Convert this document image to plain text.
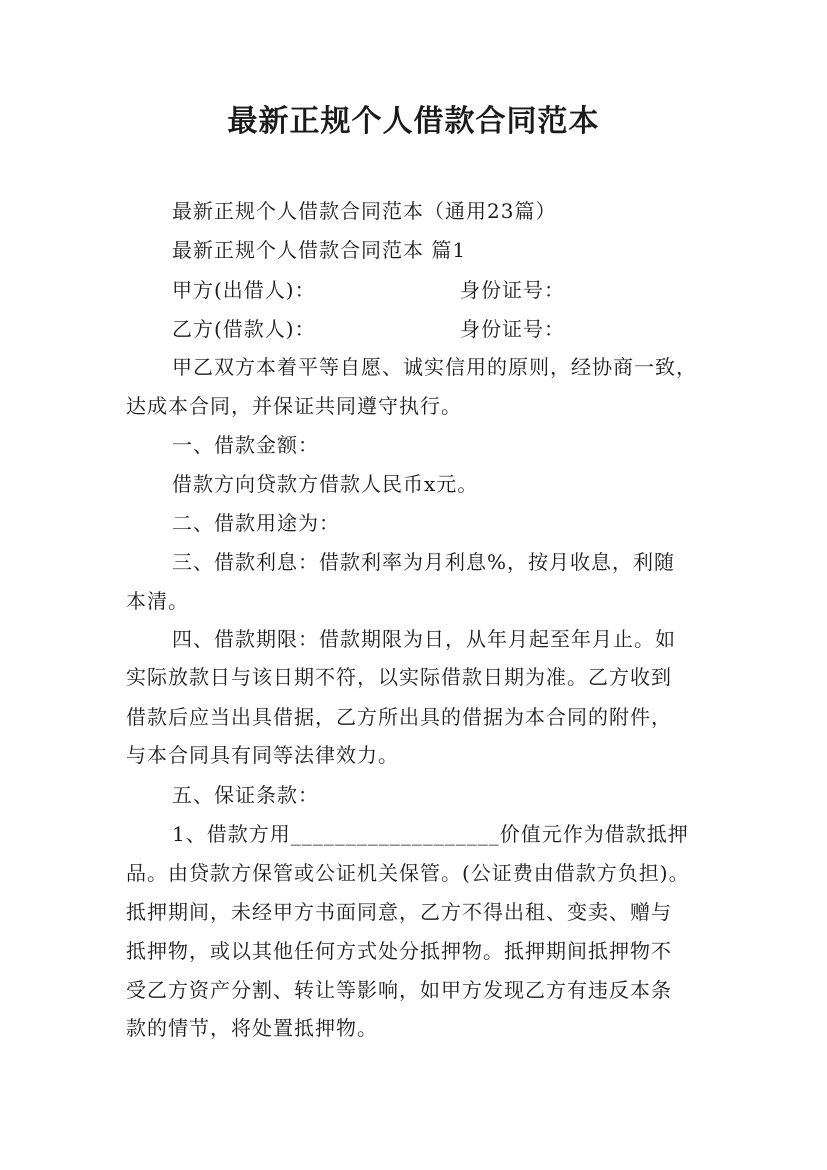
最新正规个人借款合同范本
最新正规个人借款合同范本（通用23篇）
最新正规个人借款合同范本 篇1
甲方(出借人)：	身份证号：
乙方(借款人)：	身份证号：
甲乙双方本着平等自愿、诚实信用的原则，经协商一致，
达成本合同，并保证共同遵守执行。
一、借款金额：
借款方向贷款方借款人民币x元。
二、借款用途为：
三、借款利息：借款利率为月利息%，按月收息，利随
本清。
四、借款期限：借款期限为日，从年月起至年月止。如
实际放款日与该日期不符，以实际借款日期为准。乙方收到
借款后应当出具借据，乙方所出具的借据为本合同的附件，
与本合同具有同等法律效力。
五、保证条款：
1、借款方用___________________价值元作为借款抵押
品。由贷款方保管或公证机关保管。(公证费由借款方负担)。
抵押期间，未经甲方书面同意，乙方不得出租、变卖、赠与
抵押物，或以其他任何方式处分抵押物。抵押期间抵押物不
受乙方资产分割、转让等影响，如甲方发现乙方有违反本条
款的情节，将处置抵押物。
